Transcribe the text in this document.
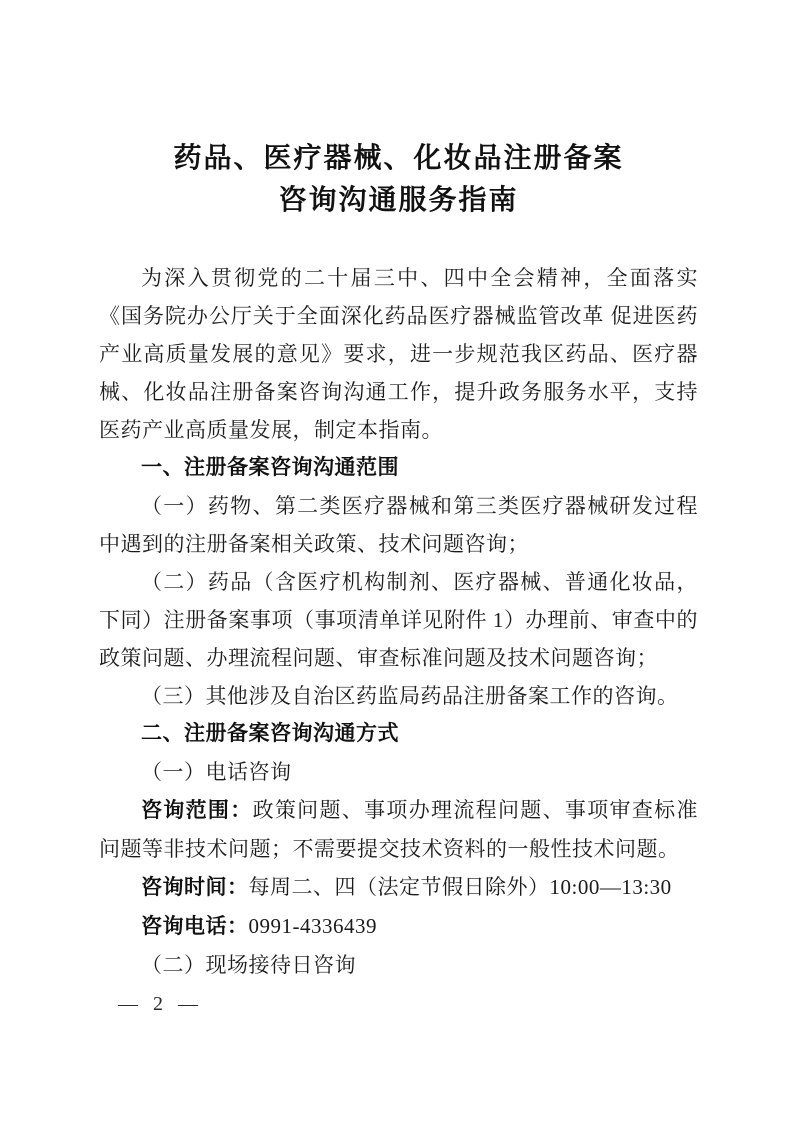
药品、医疗器械、化妆品注册备案
咨询沟通服务指南

为深入贯彻党的二十届三中、四中全会精神，全面落实《国务院办公厅关于全面深化药品医疗器械监管改革 促进医药产业高质量发展的意见》要求，进一步规范我区药品、医疗器械、化妆品注册备案咨询沟通工作，提升政务服务水平，支持医药产业高质量发展，制定本指南。

一、注册备案咨询沟通范围

（一）药物、第二类医疗器械和第三类医疗器械研发过程中遇到的注册备案相关政策、技术问题咨询；

（二）药品（含医疗机构制剂、医疗器械、普通化妆品，下同）注册备案事项（事项清单详见附件 1）办理前、审查中的政策问题、办理流程问题、审查标准问题及技术问题咨询；

（三）其他涉及自治区药监局药品注册备案工作的咨询。

二、注册备案咨询沟通方式

（一）电话咨询

咨询范围：政策问题、事项办理流程问题、事项审查标准问题等非技术问题；不需要提交技术资料的一般性技术问题。

咨询时间：每周二、四（法定节假日除外）10:00—13:30

咨询电话：0991-4336439

（二）现场接待日咨询

— 2 —
